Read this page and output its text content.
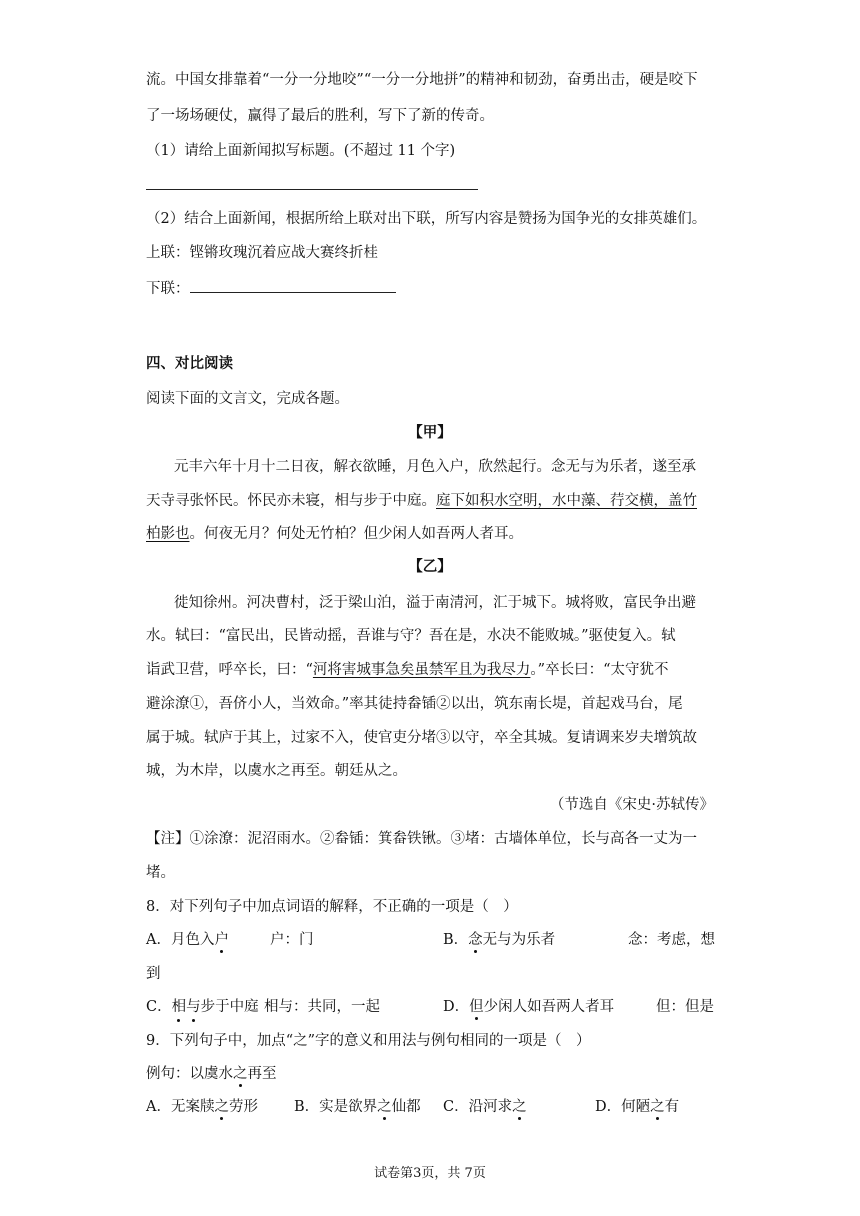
流。中国女排靠着“一分一分地咬”“一分一分地拼”的精神和韧劲，奋勇出击，硬是咬下
了一场场硬仗，赢得了最后的胜利，写下了新的传奇。
（1）请给上面新闻拟写标题。(不超过 11 个字)
（2）结合上面新闻，根据所给上联对出下联，所写内容是赞扬为国争光的女排英雄们。
上联：铿锵玫瑰沉着应战大赛终折桂
下联：
四、对比阅读
阅读下面的文言文，完成各题。
【甲】
元丰六年十月十二日夜，解衣欲睡，月色入户，欣然起行。念无与为乐者，遂至承
天寺寻张怀民。怀民亦未寝，相与步于中庭。庭下如积水空明，水中藻、荇交横，盖竹
柏影也。何夜无月？何处无竹柏？但少闲人如吾两人者耳。
【乙】
徙知徐州。河决曹村，泛于梁山泊，溢于南清河，汇于城下。城将败，富民争出避
水。轼曰：“富民出，民皆动摇，吾谁与守？吾在是，水决不能败城。”驱使复入。轼
诣武卫营，呼卒长，曰：“河将害城事急矣虽禁军且为我尽力。”卒长曰：“太守犹不
避涂潦①，吾侪小人，当效命。”率其徒持畚锸②以出，筑东南长堤，首起戏马台，尾
属于城。轼庐于其上，过家不入，使官吏分堵③以守，卒全其城。复请调来岁夫增筑故
城，为木岸，以虞水之再至。朝廷从之。
（节选自《宋史·苏轼传》
【注】①涂潦：泥沼雨水。②畚锸：箕畚铁锹。③堵：古墙体单位，长与高各一丈为一
堵。
8．对下列句子中加点词语的解释，不正确的一项是（　）
A．月色入户	户：门	B．念无与为乐者	念：考虑，想
到
C．相与步于中庭 相与：共同，一起	D．但少闲人如吾两人者耳	但：但是
9．下列句子中，加点“之”字的意义和用法与例句相同的一项是（　）
例句：以虞水之再至
A．无案牍之劳形 B．实是欲界之仙都 C．沿河求之	D．何陋之有
试卷第3页，共 7页
